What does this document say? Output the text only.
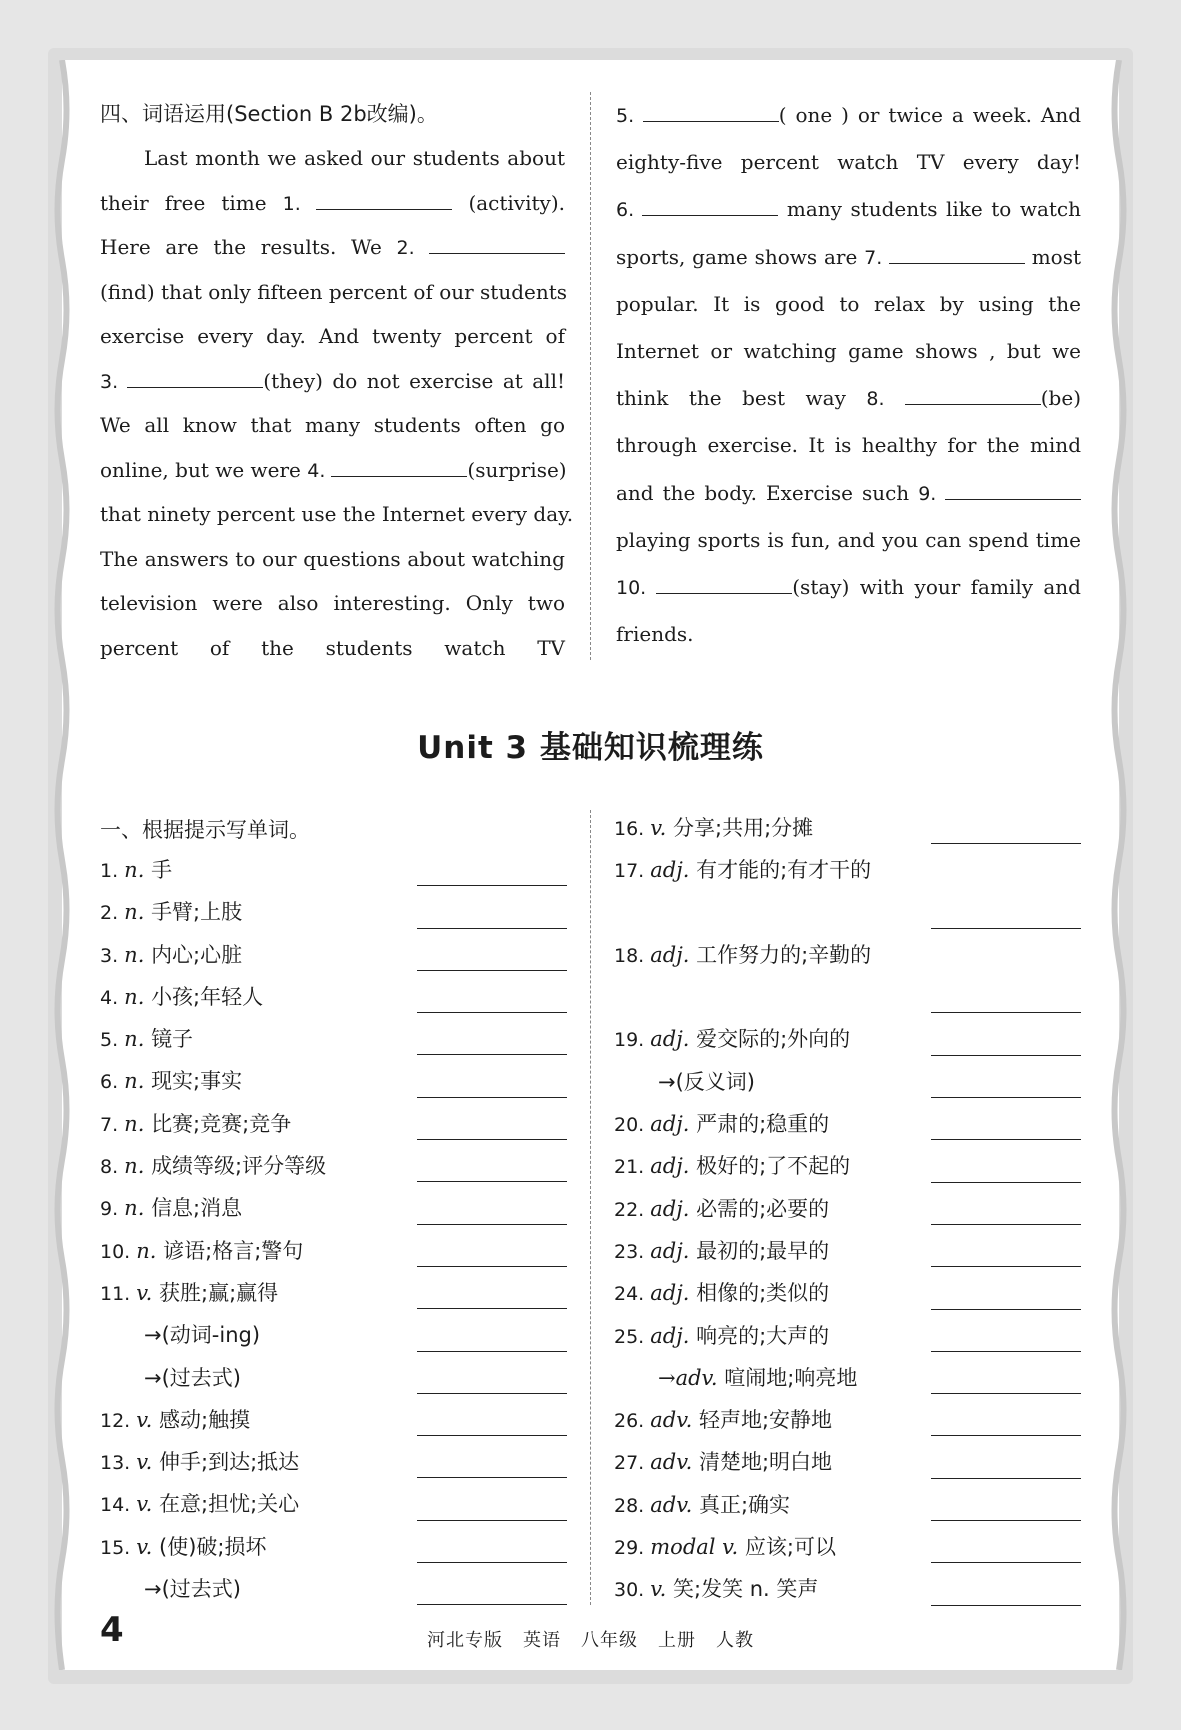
四、词语运用(Section B 2b改编)。
Last month we asked our students about
their free time 1.	(activity).
Here are the results. We 2.
(find) that only fifteen percent of our students
exercise every day. And twenty percent of
3.	(they) do not exercise at all!
We all know that many students often go
online, but we were 4.	(surprise)
that ninety percent use the Internet every day.
The answers to our questions about watching
television were also interesting. Only two
percent of the students watch TV
5.	( one ) or twice a week. And
eighty-five percent watch TV every day!
6.	many students like to watch
sports, game shows are 7.	most
popular. It is good to relax by using the
Internet or watching game shows , but we
think the best way 8.	(be)
through exercise. It is healthy for the mind
and the body. Exercise such 9.
playing sports is fun, and you can spend time
10.	(stay) with your family and
friends.
Unit 3 基础知识梳理练
一、根据提示写单词。
1. n. 手
2. n. 手臂;上肢
3. n. 内心;心脏
4. n. 小孩;年轻人
5. n. 镜子
6. n. 现实;事实
7. n. 比赛;竞赛;竞争
8. n. 成绩等级;评分等级
9. n. 信息;消息
10. n. 谚语;格言;警句
11. v. 获胜;赢;赢得
→(动词-ing)
→(过去式)
12. v. 感动;触摸
13. v. 伸手;到达;抵达
14. v. 在意;担忧;关心
15. v. (使)破;损坏
→(过去式)
16. v. 分享;共用;分摊
17. adj. 有才能的;有才干的
18. adj. 工作努力的;辛勤的
19. adj. 爱交际的;外向的
→(反义词)
20. adj. 严肃的;稳重的
21. adj. 极好的;了不起的
22. adj. 必需的;必要的
23. adj. 最初的;最早的
24. adj. 相像的;类似的
25. adj. 响亮的;大声的
→adv. 喧闹地;响亮地
26. adv. 轻声地;安静地
27. adv. 清楚地;明白地
28. adv. 真正;确实
29. modal v. 应该;可以
30. v. 笑;发笑 n. 笑声
4	河北专版 英语 八年级 上册 人教
